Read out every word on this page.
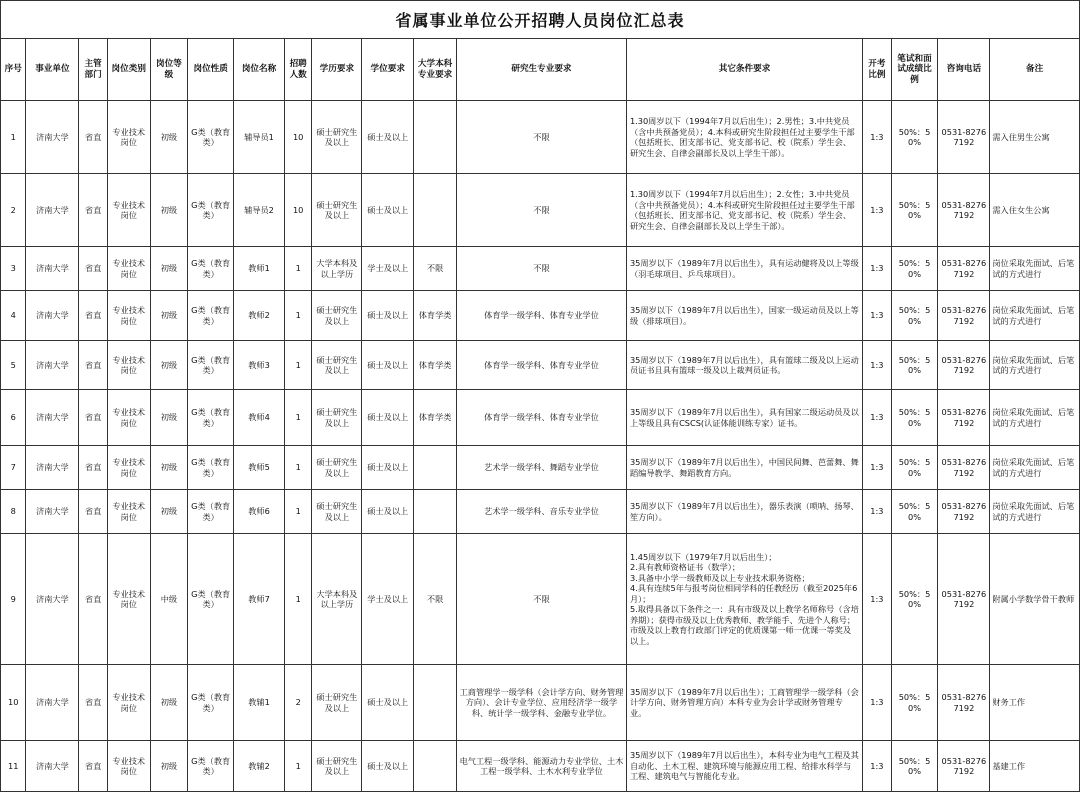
省属事业单位公开招聘人员岗位汇总表
序号	事业单位	主管部门	岗位类别	岗位等级	岗位性质	岗位名称	招聘人数	学历要求	学位要求	大学本科专业要求	研究生专业要求	其它条件要求	开考比例	笔试和面试成绩比例	咨询电话	备注
1	济南大学	省直	专业技术岗位	初级	G类（教育类）	辅导员1	10	硕士研究生及以上	硕士及以上		不限	1.30周岁以下（1994年7月以后出生）；2.男性；3.中共党员（含中共预备党员）；4.本科或研究生阶段担任过主要学生干部（包括班长、团支部书记、党支部书记、校（院系）学生会、研究生会、自律会副部长及以上学生干部）。	1:3	50%：50%	0531-82767192	需入住男生公寓
2	济南大学	省直	专业技术岗位	初级	G类（教育类）	辅导员2	10	硕士研究生及以上	硕士及以上		不限	1.30周岁以下（1994年7月以后出生）；2.女性；3.中共党员（含中共预备党员）；4.本科或研究生阶段担任过主要学生干部（包括班长、团支部书记、党支部书记、校（院系）学生会、研究生会、自律会副部长及以上学生干部）。	1:3	50%：50%	0531-82767192	需入住女生公寓
3	济南大学	省直	专业技术岗位	初级	G类（教育类）	教师1	1	大学本科及以上学历	学士及以上	不限	不限	35周岁以下（1989年7月以后出生），具有运动健将及以上等级（羽毛球项目、乒乓球项目）。	1:3	50%：50%	0531-82767192	岗位采取先面试、后笔试的方式进行
4	济南大学	省直	专业技术岗位	初级	G类（教育类）	教师2	1	硕士研究生及以上	硕士及以上	体育学类	体育学一级学科、体育专业学位	35周岁以下（1989年7月以后出生），国家一级运动员及以上等级（排球项目）。	1:3	50%：50%	0531-82767192	岗位采取先面试、后笔试的方式进行
5	济南大学	省直	专业技术岗位	初级	G类（教育类）	教师3	1	硕士研究生及以上	硕士及以上	体育学类	体育学一级学科、体育专业学位	35周岁以下（1989年7月以后出生），具有篮球二级及以上运动员证书且具有篮球一级及以上裁判员证书。	1:3	50%：50%	0531-82767192	岗位采取先面试、后笔试的方式进行
6	济南大学	省直	专业技术岗位	初级	G类（教育类）	教师4	1	硕士研究生及以上	硕士及以上	体育学类	体育学一级学科、体育专业学位	35周岁以下（1989年7月以后出生），具有国家二级运动员及以上等级且具有CSCS(认证体能训练专家）证书。	1:3	50%：50%	0531-82767192	岗位采取先面试、后笔试的方式进行
7	济南大学	省直	专业技术岗位	初级	G类（教育类）	教师5	1	硕士研究生及以上	硕士及以上		艺术学一级学科、舞蹈专业学位	35周岁以下（1989年7月以后出生），中国民间舞、芭蕾舞、舞蹈编导教学、舞蹈教育方向。	1:3	50%：50%	0531-82767192	岗位采取先面试、后笔试的方式进行
8	济南大学	省直	专业技术岗位	初级	G类（教育类）	教师6	1	硕士研究生及以上	硕士及以上		艺术学一级学科、音乐专业学位	35周岁以下（1989年7月以后出生），器乐表演（唢呐、扬琴、笙方向）。	1:3	50%：50%	0531-82767192	岗位采取先面试、后笔试的方式进行
9	济南大学	省直	专业技术岗位	中级	G类（教育类）	教师7	1	大学本科及以上学历	学士及以上	不限	不限	1.45周岁以下（1979年7月以后出生）；
2.具有教师资格证书（数学）；
3.具备中小学一级教师及以上专业技术职务资格；
4.具有连续5年与报考岗位相同学科的任教经历（截至2025年6月）；
5.取得具备以下条件之一：具有市级及以上教学名师称号（含培养期）；获得市级及以上优秀教师、教学能手、先进个人称号；市级及以上教育行政部门评定的优质课第一师一优课一等奖及以上。	1:3	50%：50%	0531-82767192	附属小学数学骨干教师
10	济南大学	省直	专业技术岗位	初级	G类（教育类）	教辅1	2	硕士研究生及以上	硕士及以上		工商管理学一级学科（会计学方向、财务管理方向）、会计专业学位、应用经济学一级学科、统计学一级学科、金融专业学位。	35周岁以下（1989年7月以后出生）；工商管理学一级学科（会计学方向、财务管理方向）本科专业为会计学或财务管理专业。	1:3	50%：50%	0531-82767192	财务工作
11	济南大学	省直	专业技术岗位	初级	G类（教育类）	教辅2	1	硕士研究生及以上	硕士及以上		电气工程一级学科、能源动力专业学位、土木工程一级学科、土木水利专业学位	35周岁以下（1989年7月以后出生），本科专业为电气工程及其自动化、土木工程、建筑环境与能源应用工程、给排水科学与工程、建筑电气与智能化专业。	1:3	50%：50%	0531-82767192	基建工作
